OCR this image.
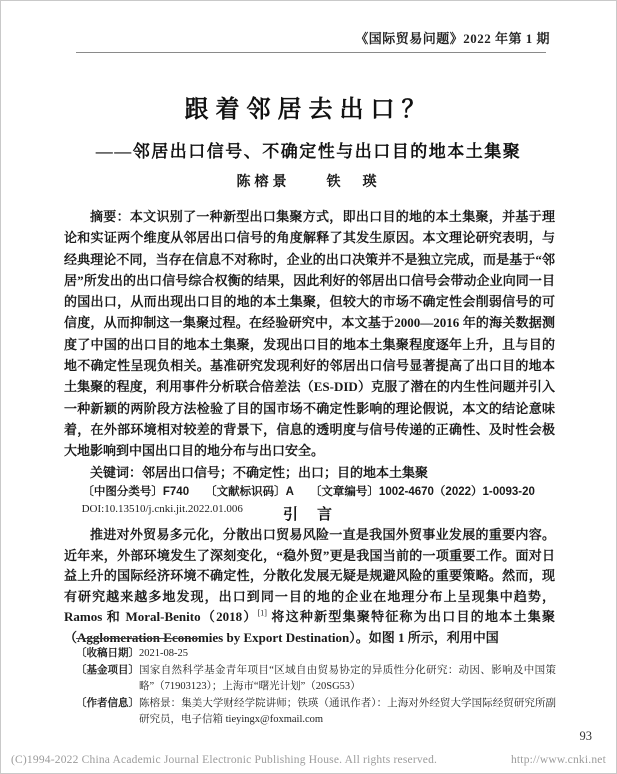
《国际贸易问题》2022 年第 1 期
跟着邻居去出口？
——邻居出口信号、不确定性与出口目的地本土集聚
陈榕景　　铁　瑛

摘要：本文识别了一种新型出口集聚方式，即出口目的地的本土集聚，并基于理论和实证两个维度从邻居出口信号的角度解释了其发生原因。本文理论研究表明，与经典理论不同，当存在信息不对称时，企业的出口决策并不是独立完成，而是基于“邻居”所发出的出口信号综合权衡的结果，因此利好的邻居出口信号会带动企业向同一目的国出口，从而出现出口目的地的本土集聚，但较大的市场不确定性会削弱信号的可信度，从而抑制这一集聚过程。在经验研究中，本文基于2000—2016 年的海关数据测度了中国的出口目的地本土集聚，发现出口目的地本土集聚程度逐年上升，且与目的地不确定性呈现负相关。基准研究发现利好的邻居出口信号显著提高了出口目的地本土集聚的程度，利用事件分析联合倍差法（ES-DID）克服了潜在的内生性问题并引入一种新颖的两阶段方法检验了目的国市场不确定性影响的理论假说，本文的结论意味着，在外部环境相对较差的背景下，信息的透明度与信号传递的正确性、及时性会极大地影响到中国出口目的地分布与出口安全。

关键词：邻居出口信号；不确定性；出口；目的地本土集聚

〔中图分类号〕F740 〔文献标识码〕A 〔文章编号〕1002-4670（2022）1-0093-20

DOI:10.13510/j.cnki.jit.2022.01.006	引　言

推进对外贸易多元化，分散出口贸易风险一直是我国外贸事业发展的重要内容。近年来，外部环境发生了深刻变化，“稳外贸”更是我国当前的一项重要工作。面对日益上升的国际经济环境不确定性，分散化发展无疑是规避风险的重要策略。然而，现有研究越来越多地发现，出口到同一目的地的企业在地理分布上呈现集中趋势，Ramos 和 Moral-Benito（2018）[1] 将这种新型集聚特征称为出口目的地本土集聚（Agglomeration Economies by Export Destination）。如图 1 所示，利用中国

〔收稿日期〕 2021-08-25
〔基金项目〕 国家自然科学基金青年项目“区域自由贸易协定的异质性分化研究：动因、影响及中国策略”（71903123）；上海市“曙光计划”（20SG53）
〔作者信息〕 陈榕景：集美大学财经学院讲师；铁瑛（通讯作者）：上海对外经贸大学国际经贸研究所副研究员，电子信箱 tieyingx@foxmail.com
93
(C)1994-2022 China Academic Journal Electronic Publishing House. All rights reserved.	http://www.cnki.net
